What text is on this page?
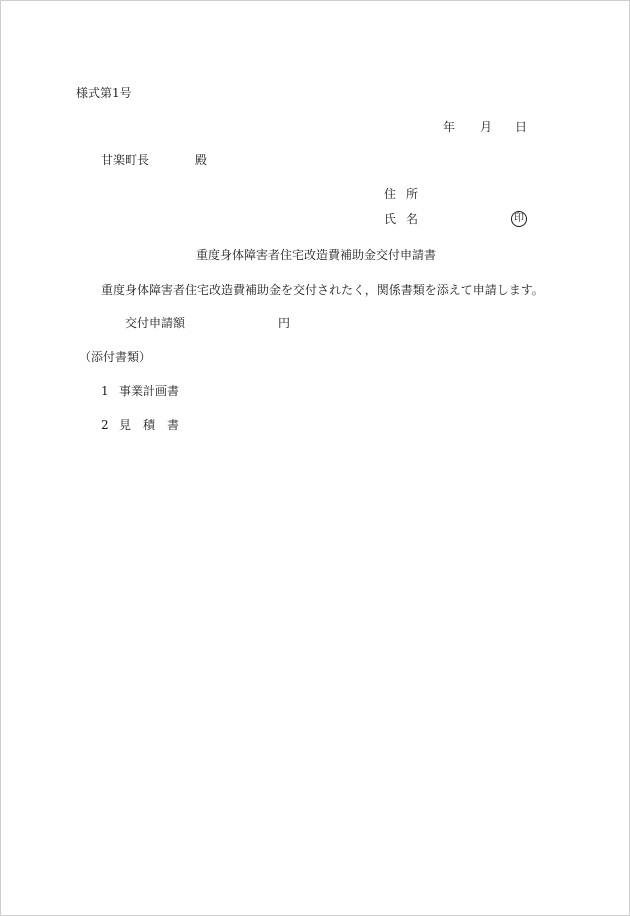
様式第1号
年 月 日
甘楽町長	殿
住所
氏名	印
重度身体障害者住宅改造費補助金交付申請書
重度身体障害者住宅改造費補助金を交付されたく，関係書類を添えて申請します。
交付申請額	円
（添付書類）
1 事業計画書
2 見積書
